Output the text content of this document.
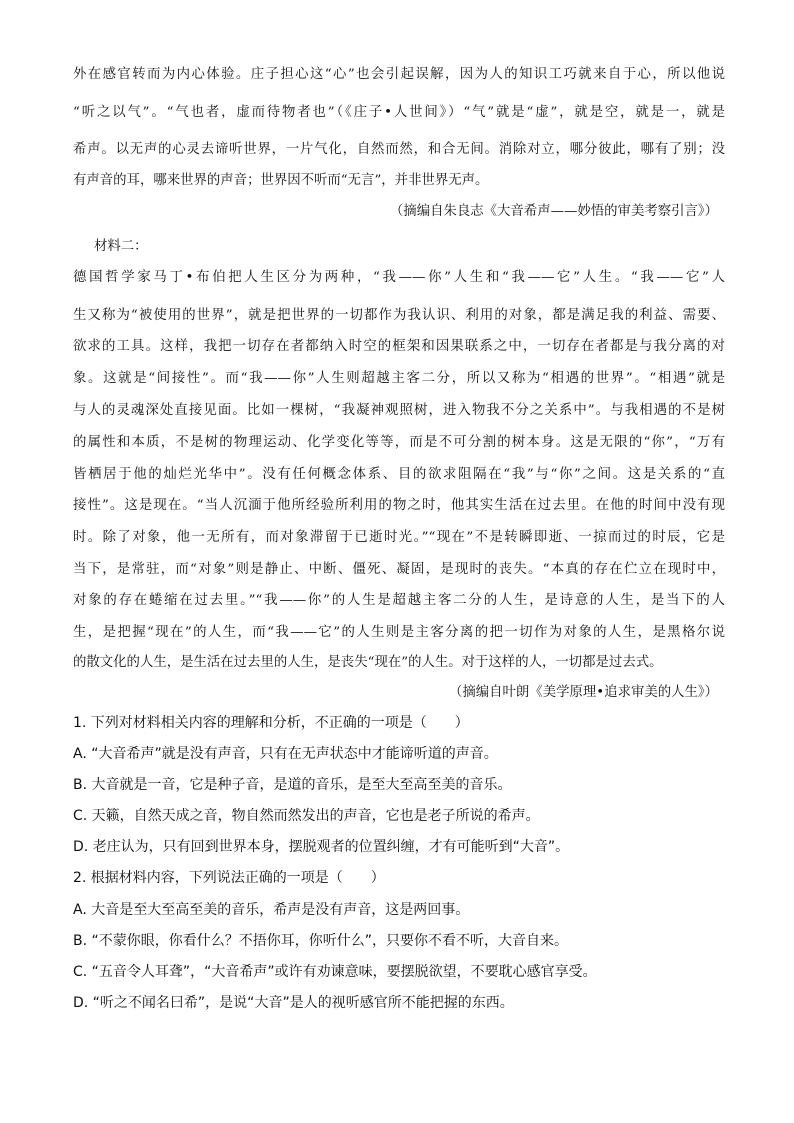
外在感官转而为内心体验。庄子担心这“心”也会引起误解，因为人的知识工巧就来自于心，所以他说
“听之以气”。“气也者，虚而待物者也”（《庄子•人世间》）“气”就是“虚”，就是空，就是一，就是
希声。以无声的心灵去谛听世界，一片气化，自然而然，和合无间。消除对立，哪分彼此，哪有了别；没
有声音的耳，哪来世界的声音；世界因不听而“无言”，并非世界无声。
（摘编自朱良志《大音希声——妙悟的审美考察引言》）
材料二：
德国哲学家马丁•布伯把人生区分为两种，“我——你”人生和“我——它”人生。“我——它”人
生又称为“被使用的世界”，就是把世界的一切都作为我认识、利用的对象，都是满足我的利益、需要、
欲求的工具。这样，我把一切存在者都纳入时空的框架和因果联系之中，一切存在者都是与我分离的对
象。这就是“间接性”。而“我——你”人生则超越主客二分，所以又称为“相遇的世界”。“相遇”就是
与人的灵魂深处直接见面。比如一棵树，“我凝神观照树，进入物我不分之关系中”。与我相遇的不是树
的属性和本质，不是树的物理运动、化学变化等等，而是不可分割的树本身。这是无限的“你”，“万有
皆栖居于他的灿烂光华中”。没有任何概念体系、目的欲求阻隔在“我”与“你”之间。这是关系的“直
接性”。这是现在。“当人沉湎于他所经验所利用的物之时，他其实生活在过去里。在他的时间中没有现
时。除了对象，他一无所有，而对象滞留于已逝时光。”“现在”不是转瞬即逝、一掠而过的时辰，它是
当下，是常驻，而“对象”则是静止、中断、僵死、凝固，是现时的丧失。“本真的存在伫立在现时中，
对象的存在蜷缩在过去里。”“我——你”的人生是超越主客二分的人生，是诗意的人生，是当下的人
生，是把握“现在”的人生，而“我——它”的人生则是主客分离的把一切作为对象的人生，是黑格尔说
的散文化的人生，是生活在过去里的人生，是丧失“现在”的人生。对于这样的人，一切都是过去式。
（摘编自叶朗《美学原理•追求审美的人生》）
1. 下列对材料相关内容的理解和分析，不正确的一项是（　　）
A. “大音希声”就是没有声音，只有在无声状态中才能谛听道的声音。
B. 大音就是一音，它是种子音，是道的音乐，是至大至高至美的音乐。
C. 天籁，自然天成之音，物自然而然发出的声音，它也是老子所说的希声。
D. 老庄认为，只有回到世界本身，摆脱观者的位置纠缠，才有可能听到“大音”。
2. 根据材料内容，下列说法正确的一项是（　　）
A. 大音是至大至高至美的音乐，希声是没有声音，这是两回事。
B. “不蒙你眼，你看什么？不捂你耳，你听什么”，只要你不看不听，大音自来。
C. “五音令人耳聋”，“大音希声”或许有劝谏意味，要摆脱欲望，不要耽心感官享受。
D. “听之不闻名曰希”，是说“大音”是人的视听感官所不能把握的东西。
